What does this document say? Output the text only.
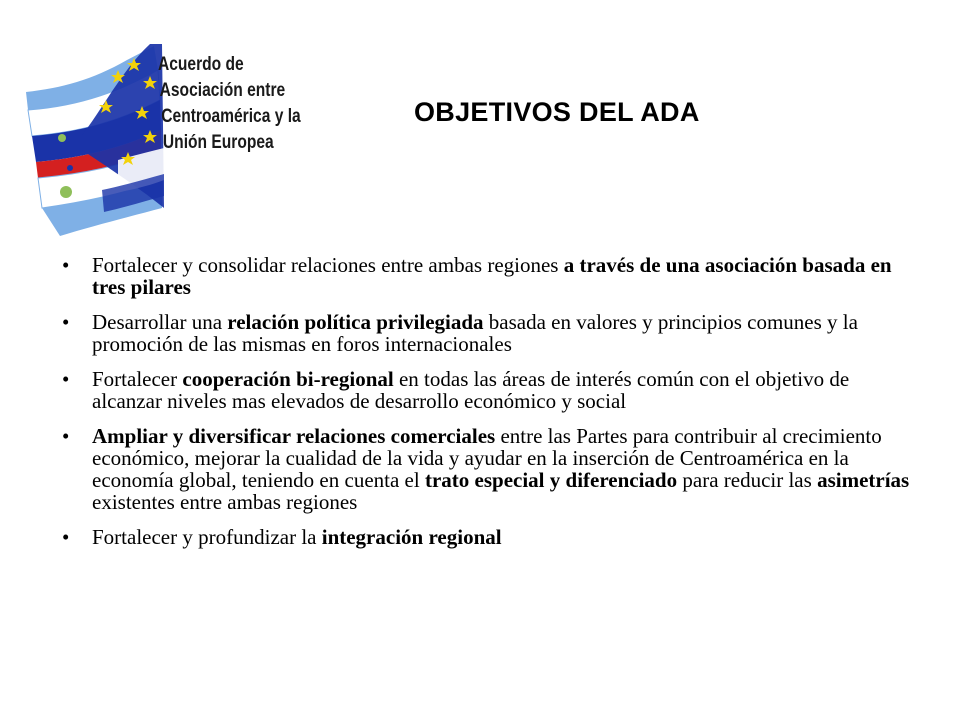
Acuerdo de
Asociación entre
Centroamérica y la
Unión Europea
OBJETIVOS DEL ADA
• Fortalecer y consolidar relaciones entre ambas regiones a través de una asociación basada en tres pilares
• Desarrollar una relación política privilegiada basada en valores y principios comunes y la promoción de las mismas en foros internacionales
• Fortalecer cooperación bi-regional en todas las áreas de interés común con el objetivo de alcanzar niveles mas elevados de desarrollo económico y social
• Ampliar y diversificar relaciones comerciales entre las Partes para contribuir al crecimiento económico, mejorar la cualidad de la vida y ayudar en la inserción de Centroamérica en la economía global, teniendo en cuenta el trato especial y diferenciado para reducir las asimetrías existentes entre ambas regiones
• Fortalecer y profundizar la integración regional
